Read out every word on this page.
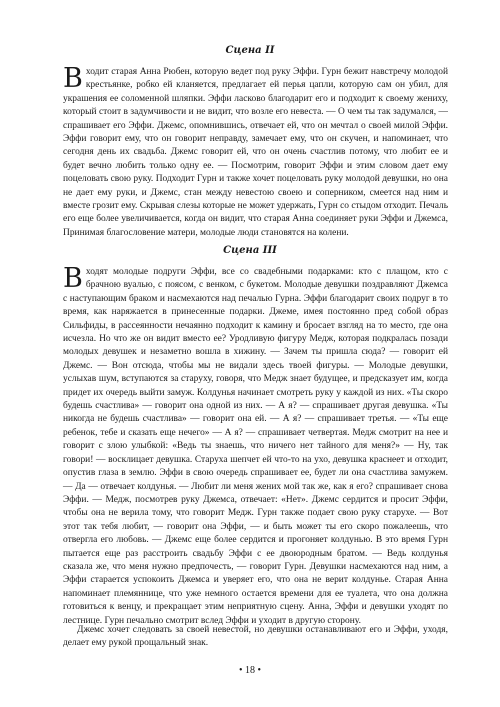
Сцена II

Входит старая Анна Рюбен, которую ведет под руку Эффи. Гурн бежит навстречу молодой крестьянке, робко ей кланяется, предлагает ей перья цапли, которую сам он убил, для украшения ее соломенной шляпки. Эффи ласково благодарит его и подходит к своему жениху, который стоит в задумчивости и не видит, что возле его невеста. — О чем ты так задумался, — спрашивает его Эффи. Джемс, опомнившись, отвечает ей, что он мечтал о своей милой Эффи. Эффи говорит ему, что он говорит неправду, замечает ему, что он скучен, и напоминает, что сегодня день их свадьба. Джемс говорит ей, что он очень счастлив потому, что любит ее и будет вечно любить только одну ее. — Посмотрим, говорит Эффи и этим словом дает ему поцеловать свою руку. Подходит Гурн и также хочет поцеловать руку молодой девушки, но она не дает ему руки, и Джемс, стан между невестою своею и соперником, смеется над ним и вместе грозит ему. Скрывая слезы которые не может удержать, Гурн со стыдом отходит. Печаль его еще более увеличивается, когда он видит, что старая Анна соединяет руки Эффи и Джемса, Принимая благословение матери, молодые люди становятся на колени.

Сцена III

Входят молодые подруги Эффи, все со свадебными подарками: кто с плащом, кто с брачною вуалью, с поясом, с венком, с букетом. Молодые девушки поздравляют Джемса с наступающим браком и насмехаются над печалью Гурна. Эффи благодарит своих подруг в то время, как наряжается в принесенные подарки. Джеме, имея постоянно пред собой образ Сильфиды, в рассеянности нечаянно подходит к камину и бросает взгляд на то место, где она исчезла. Но что же он видит вместо ее? Уродливую фигуру Медж, которая подкралась позади молодых девушек и незаметно вошла в хижину. — Зачем ты пришла сюда? — говорит ей Джемс. — Вон отсюда, чтобы мы не видали здесь твоей фигуры. — Молодые девушки, услыхав шум, вступаются за старуху, говоря, что Медж знает будущее, и предсказует им, когда придет их очередь выйти замуж. Колдунья начинает смотреть руку у каждой из них. «Ты скоро будешь счастлива» — говорит она одной из них. — А я? — спрашивает другая девушка. «Ты никогда не будешь счастлива» — говорит она ей. — А я? — спрашивает третья. — «Ты еще ребенок, тебе и сказать еще нечего» — А я? — спрашивает четвертая. Медж смотрит на нее и говорит с злою улыбкой: «Ведь ты знаешь, что ничего нет тайного для меня?» — Ну, так говори! — восклицает девушка. Старуха шепчет ей что-то на ухо, девушка краснеет и отходит, опустив глаза в землю. Эффи в свою очередь спрашивает ее, будет ли она счастлива замужем. — Да — отвечает колдунья. — Любит ли меня жених мой так же, как я его? спрашивает снова Эффи. — Медж, посмотрев руку Джемса, отвечает: «Нет». Джемс сердится и просит Эффи, чтобы она не верила тому, что говорит Медж. Гурн также подает свою руку старухе. — Вот этот так тебя любит, — говорит она Эффи, — и быть может ты его скоро пожалеешь, что отвергла его любовь. — Джемс еще более сердится и прогоняет колдунью. В это время Гурн пытается еще раз расстроить свадьбу Эффи с ее двоюродным братом. — Ведь колдунья сказала же, что меня нужно предпочесть, — говорит Гурн. Девушки насмехаются над ним, а Эффи старается успокоить Джемса и уверяет его, что она не верит колдунье. Старая Анна напоминает племяннице, что уже немного остается времени для ее туалета, что она должна готовиться к венцу, и прекращает этим неприятную сцену. Анна, Эффи и девушки уходят по лестнице. Гурн печально смотрит вслед Эффи и уходит в другую сторону.

Джемс хочет следовать за своей невестой, но девушки останавливают его и Эффи, уходя, делает ему рукой прощальный знак.

• 18 •
